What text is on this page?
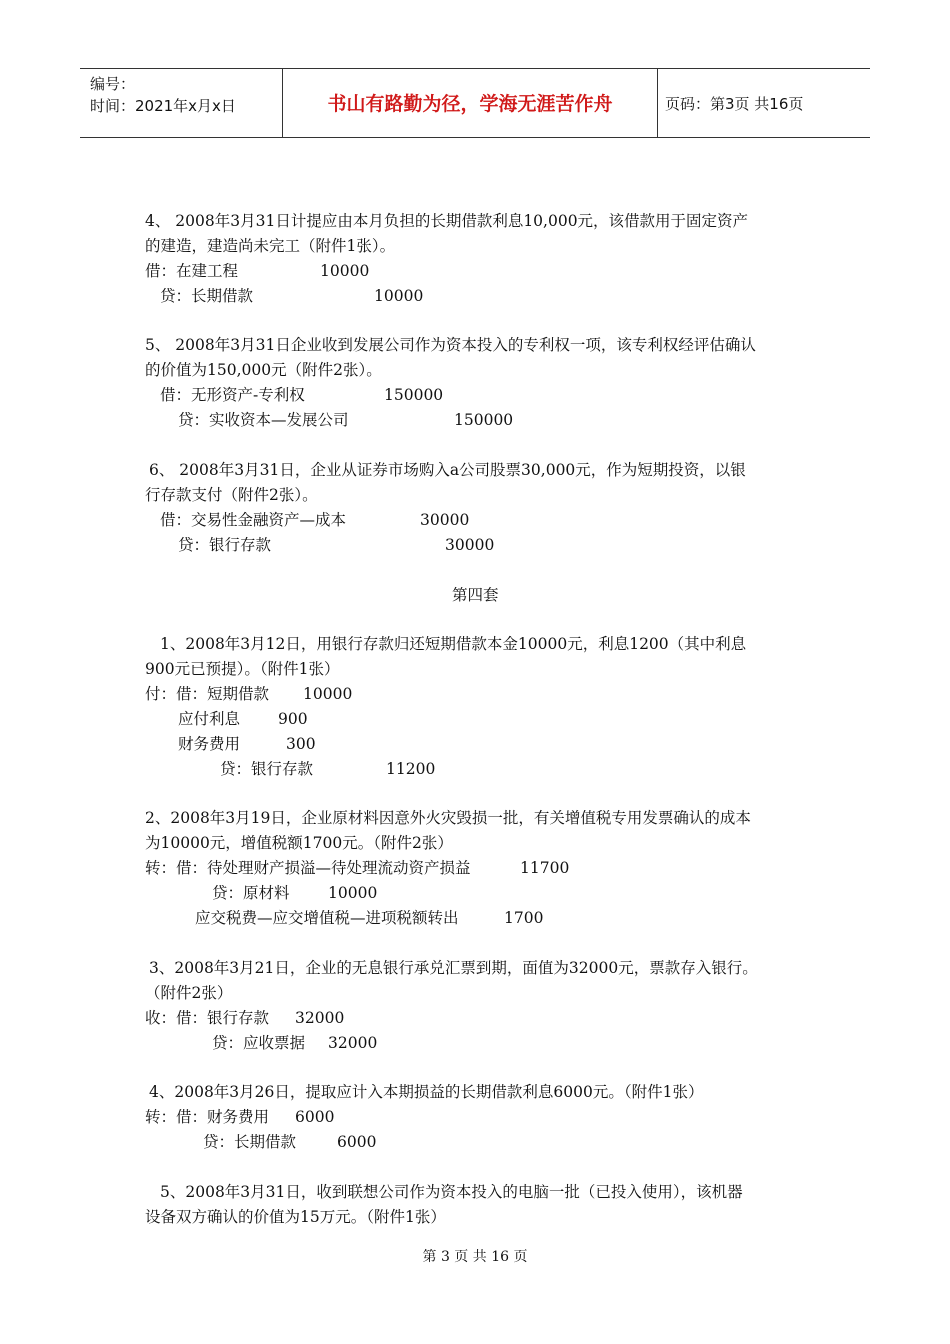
编号：
时间：2021年x月x日	书山有路勤为径，学海无涯苦作舟	页码：第3页 共16页
4、 2008年3月31日计提应由本月负担的长期借款利息10,000元，该借款用于固定资产
的建造，建造尚未完工（附件1张）。
借：在建工程	10000
贷：长期借款	10000
5、 2008年3月31日企业收到发展公司作为资本投入的专利权一项，该专利权经评估确认
的价值为150,000元（附件2张）。
借：无形资产-专利权	150000
贷：实收资本—发展公司	150000
6、 2008年3月31日，企业从证券市场购入a公司股票30,000元，作为短期投资，以银
行存款支付（附件2张）。
借：交易性金融资产—成本	30000
贷：银行存款	30000
第四套
1、2008年3月12日，用银行存款归还短期借款本金10000元，利息1200（其中利息
900元已预提）。（附件1张）
付：借：短期借款 10000
应付利息 900
财务费用	300
贷：银行存款	11200
2、2008年3月19日，企业原材料因意外火灾毁损一批，有关增值税专用发票确认的成本
为10000元，增值税额1700元。（附件2张）
转：借：待处理财产损溢—待处理流动资产损益	11700
贷：原材料 10000
应交税费—应交增值税—进项税额转出	1700
3、2008年3月21日，企业的无息银行承兑汇票到期，面值为32000元，票款存入银行。
（附件2张）
收：借：银行存款 32000
贷：应收票据 32000
4、2008年3月26日，提取应计入本期损益的长期借款利息6000元。（附件1张）
转：借：财务费用 6000
贷：长期借款	6000
5、2008年3月31日，收到联想公司作为资本投入的电脑一批（已投入使用），该机器
设备双方确认的价值为15万元。（附件1张）
第 3 页 共 16 页
